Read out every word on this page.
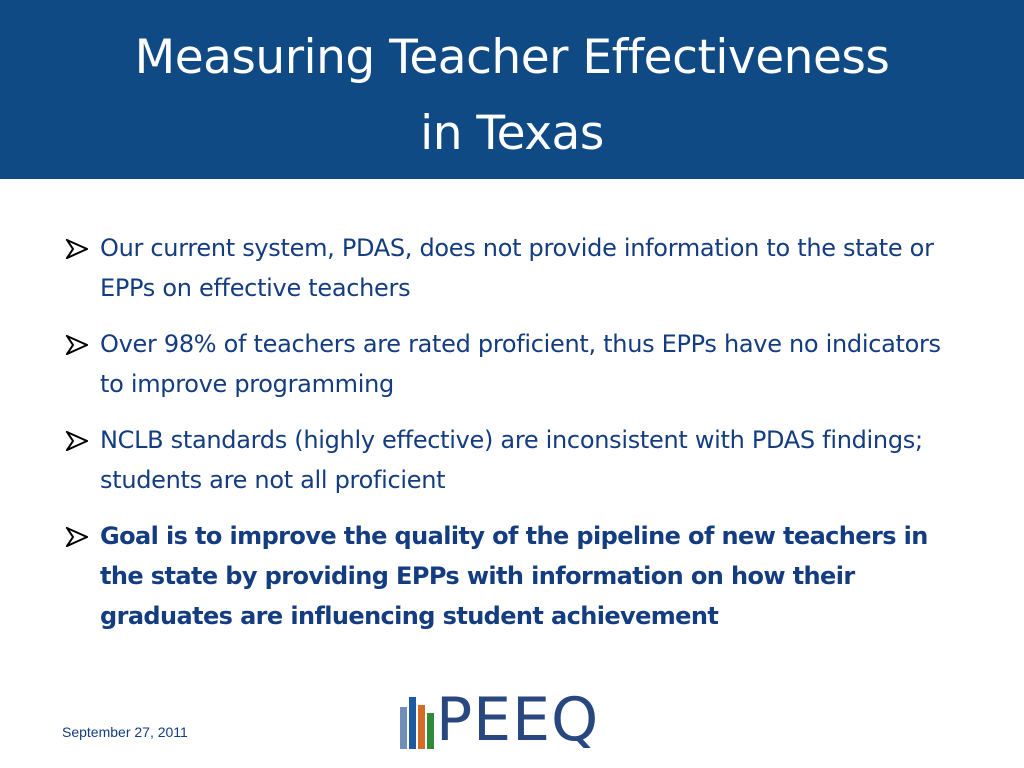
Measuring Teacher Effectiveness
in Texas
Our current system, PDAS, does not provide information to the state or EPPs on effective teachers
Over 98% of teachers are rated proficient, thus EPPs have no indicators to improve programming
NCLB standards (highly effective) are inconsistent with PDAS findings; students are not all proficient
Goal is to improve the quality of the pipeline of new teachers in the state by providing EPPs with information on how their graduates are influencing student achievement
September 27, 2011	PEEQ
